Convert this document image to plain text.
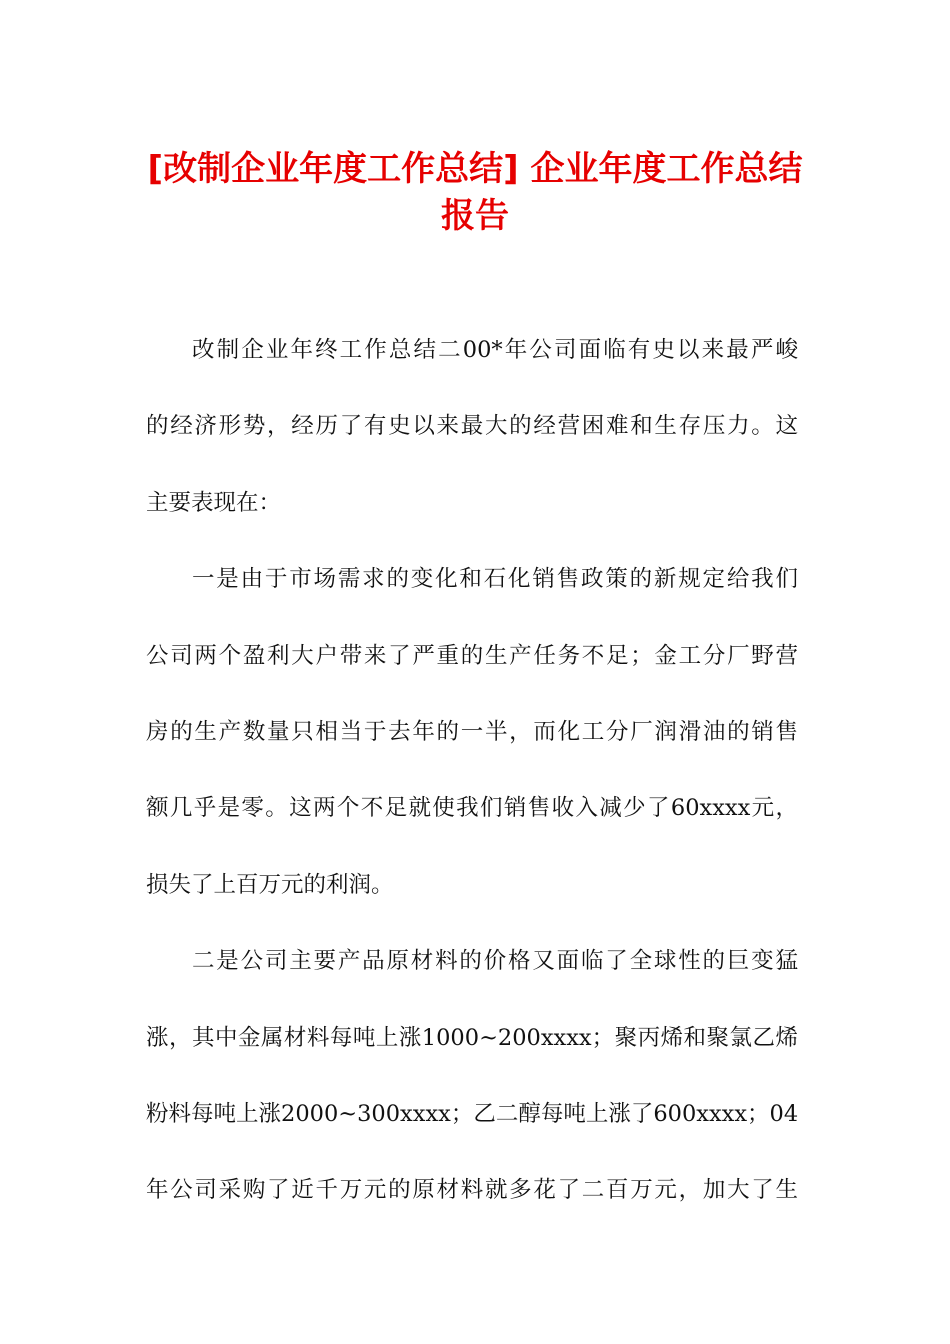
[改制企业年度工作总结] 企业年度工作总结
报告
改制企业年终工作总结二00*年公司面临有史以来最严峻
的经济形势，经历了有史以来最大的经营困难和生存压力。这
主要表现在：
一是由于市场需求的变化和石化销售政策的新规定给我们
公司两个盈利大户带来了严重的生产任务不足；金工分厂野营
房的生产数量只相当于去年的一半，而化工分厂润滑油的销售
额几乎是零。这两个不足就使我们销售收入减少了60xxxx元，
损失了上百万元的利润。
二是公司主要产品原材料的价格又面临了全球性的巨变猛
涨，其中金属材料每吨上涨1000~200xxxx；聚丙烯和聚氯乙烯
粉料每吨上涨2000~300xxxx；乙二醇每吨上涨了600xxxx；04
年公司采购了近千万元的原材料就多花了二百万元，加大了生
